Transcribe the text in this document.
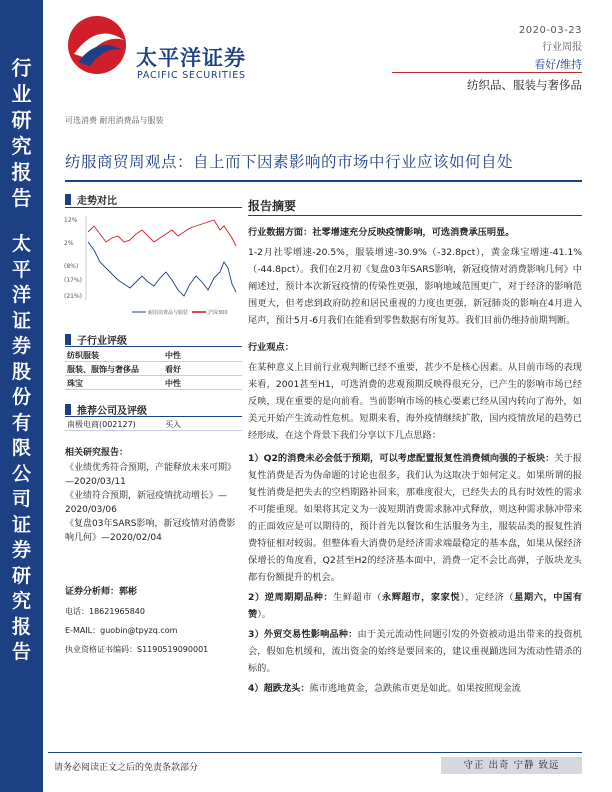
行
业
研
究
报
告
太
平
洋
证
券
股
份
有
限
公
司
证
券
研
究
报
告
太平洋证券
PACIFIC SECURITIES
2020-03-23
行业周报
看好/维持
纺织品、服装与奢侈品
可选消费 耐用消费品与服装
纺服商贸周观点：自上而下因素影响的市场中行业应该如何自处
走势对比
12%
2%
(8%)
(17%)
(21%)
耐用消费品与服装	沪深300
子行业评级
纺织服装	中性
服装、服饰与奢侈品	看好
珠宝	中性
推荐公司及评级
南极电商(002127)	买入
相关研究报告：
《业绩优秀符合预期，产能释放未来可期》—2020/03/11
《业绩符合预期，新冠疫情扰动增长》—2020/03/06
《复盘03年SARS影响，新冠疫情对消费影响几何》—2020/02/04
证券分析师：郭彬
电话：18621965840
E-MAIL：guobin@tpyzq.com
执业资格证书编码：S1190519090001
报告摘要

行业数据方面：社零增速充分反映疫情影响，可选消费承压明显。

1-2月社零增速-20.5%，服装增速-30.9%（-32.8pct），黄金珠宝增速-41.1%（-44.8pct）。我们在2月初《复盘03年SARS影响，新冠疫情对消费影响几何》中阐述过，预计本次新冠疫情的传染性更强，影响地域范围更广，对于经济的影响范围更大，但考虑到政府防控和居民重视的力度也更强，新冠肺炎的影响在4月进入尾声，预计5月-6月我们在能看到零售数据有所复苏。我们目前仍维持前期判断。

行业观点：

在某种意义上目前行业观判断已经不重要，甚少不是核心因素。从目前市场的表现来看，2001甚至H1，可选消费的悲观预期反映得很充分，已产生的影响市场已经反映，现在重要的是向前看。当前影响市场的核心要素已经从国内转向了海外，如美元开始产生流动性危机。短期来看，海外疫情继续扩散，国内疫情放尾的趋势已经形成，在这个背景下我们分享以下几点思路：

1）Q2的消费未必会低于预期，可以考虑配置报复性消费倾向强的子板块：关于报复性消费是否为伪命题的讨论也很多，我们认为这取决于如何定义。如果所谓的报复性消费是把失去的空档期路补回来，那难度很大，已经失去的具有时效性的需求不可能重现。如果将其定义为一波短期消费需求脉冲式释放，则这种需求脉冲带来的正面效应是可以期待的，预计首先以餐饮和生活服务为主，服装品类的报复性消费特征相对较弱。但整体看大消费仍是经济需求端最稳定的基本盘，如果从保经济保增长的角度看，Q2甚至H2的经济基本面中，消费一定不会比高弹，子版块龙头都有份额提升的机会。

2）逆周期期品种：生鲜超市（永辉超市，家家悦），定经济（星期六，中国有赞）。

3）外贸交易性影响品种：由于美元流动性问题引发的外资被动退出带来的投资机会，假如危机缓和，流出资金的始终是要回来的，建议重视踊选回为流动性错杀的标的。

4）超跌龙头：熊市逃地黄金，急跌熊市更是如此。如果按照现金流

请务必阅读正文之后的免责条款部分	守正 出奇 宁静 致远
